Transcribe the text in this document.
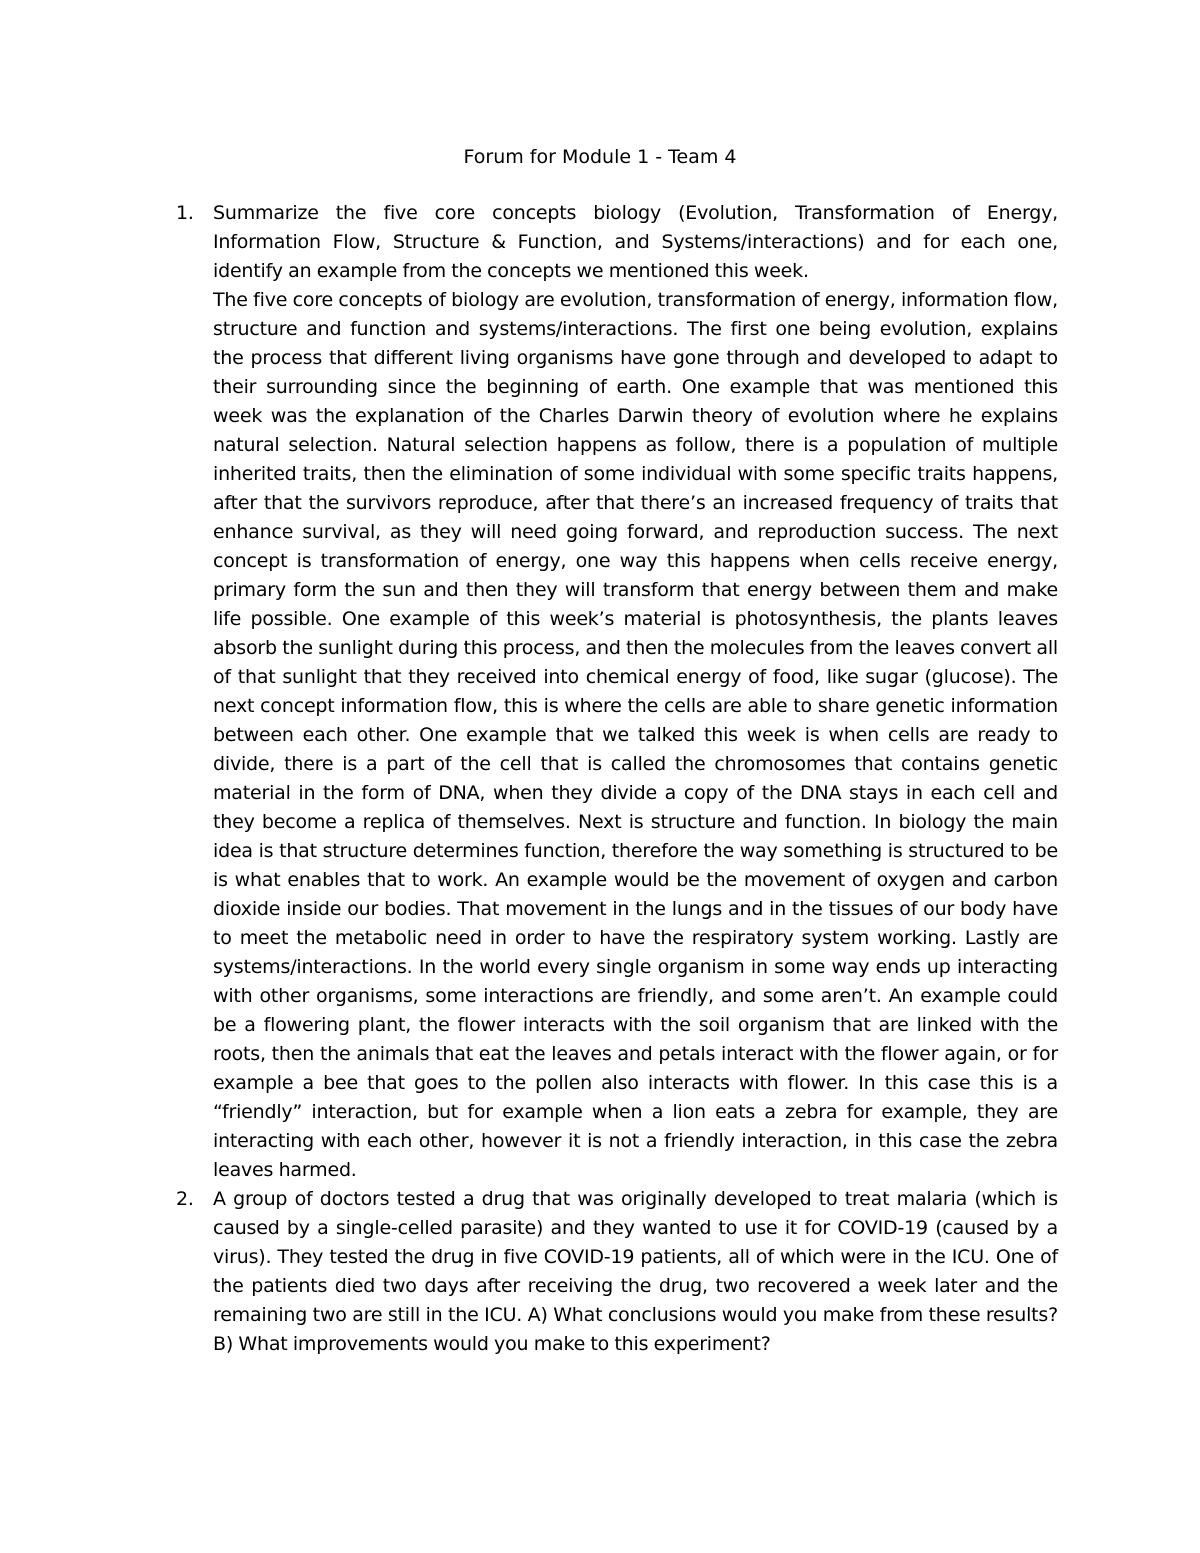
Forum for Module 1 - Team 4
1. Summarize the five core concepts biology (Evolution, Transformation of Energy, Information Flow, Structure & Function, and Systems/interactions) and for each one, identify an example from the concepts we mentioned this week.

The five core concepts of biology are evolution, transformation of energy, information flow, structure and function and systems/interactions. The first one being evolution, explains the process that different living organisms have gone through and developed to adapt to their surrounding since the beginning of earth. One example that was mentioned this week was the explanation of the Charles Darwin theory of evolution where he explains natural selection. Natural selection happens as follow, there is a population of multiple inherited traits, then the elimination of some individual with some specific traits happens, after that the survivors reproduce, after that there’s an increased frequency of traits that enhance survival, as they will need going forward, and reproduction success. The next concept is transformation of energy, one way this happens when cells receive energy, primary form the sun and then they will transform that energy between them and make life possible. One example of this week’s material is photosynthesis, the plants leaves absorb the sunlight during this process, and then the molecules from the leaves convert all of that sunlight that they received into chemical energy of food, like sugar (glucose). The next concept information flow, this is where the cells are able to share genetic information between each other. One example that we talked this week is when cells are ready to divide, there is a part of the cell that is called the chromosomes that contains genetic material in the form of DNA, when they divide a copy of the DNA stays in each cell and they become a replica of themselves. Next is structure and function. In biology the main idea is that structure determines function, therefore the way something is structured to be is what enables that to work. An example would be the movement of oxygen and carbon dioxide inside our bodies. That movement in the lungs and in the tissues of our body have to meet the metabolic need in order to have the respiratory system working. Lastly are systems/interactions. In the world every single organism in some way ends up interacting with other organisms, some interactions are friendly, and some aren’t. An example could be a flowering plant, the flower interacts with the soil organism that are linked with the roots, then the animals that eat the leaves and petals interact with the flower again, or for example a bee that goes to the pollen also interacts with flower. In this case this is a “friendly” interaction, but for example when a lion eats a zebra for example, they are interacting with each other, however it is not a friendly interaction, in this case the zebra leaves harmed.

2. A group of doctors tested a drug that was originally developed to treat malaria (which is caused by a single-celled parasite) and they wanted to use it for COVID-19 (caused by a virus). They tested the drug in five COVID-19 patients, all of which were in the ICU. One of the patients died two days after receiving the drug, two recovered a week later and the remaining two are still in the ICU. A) What conclusions would you make from these results? B) What improvements would you make to this experiment?
